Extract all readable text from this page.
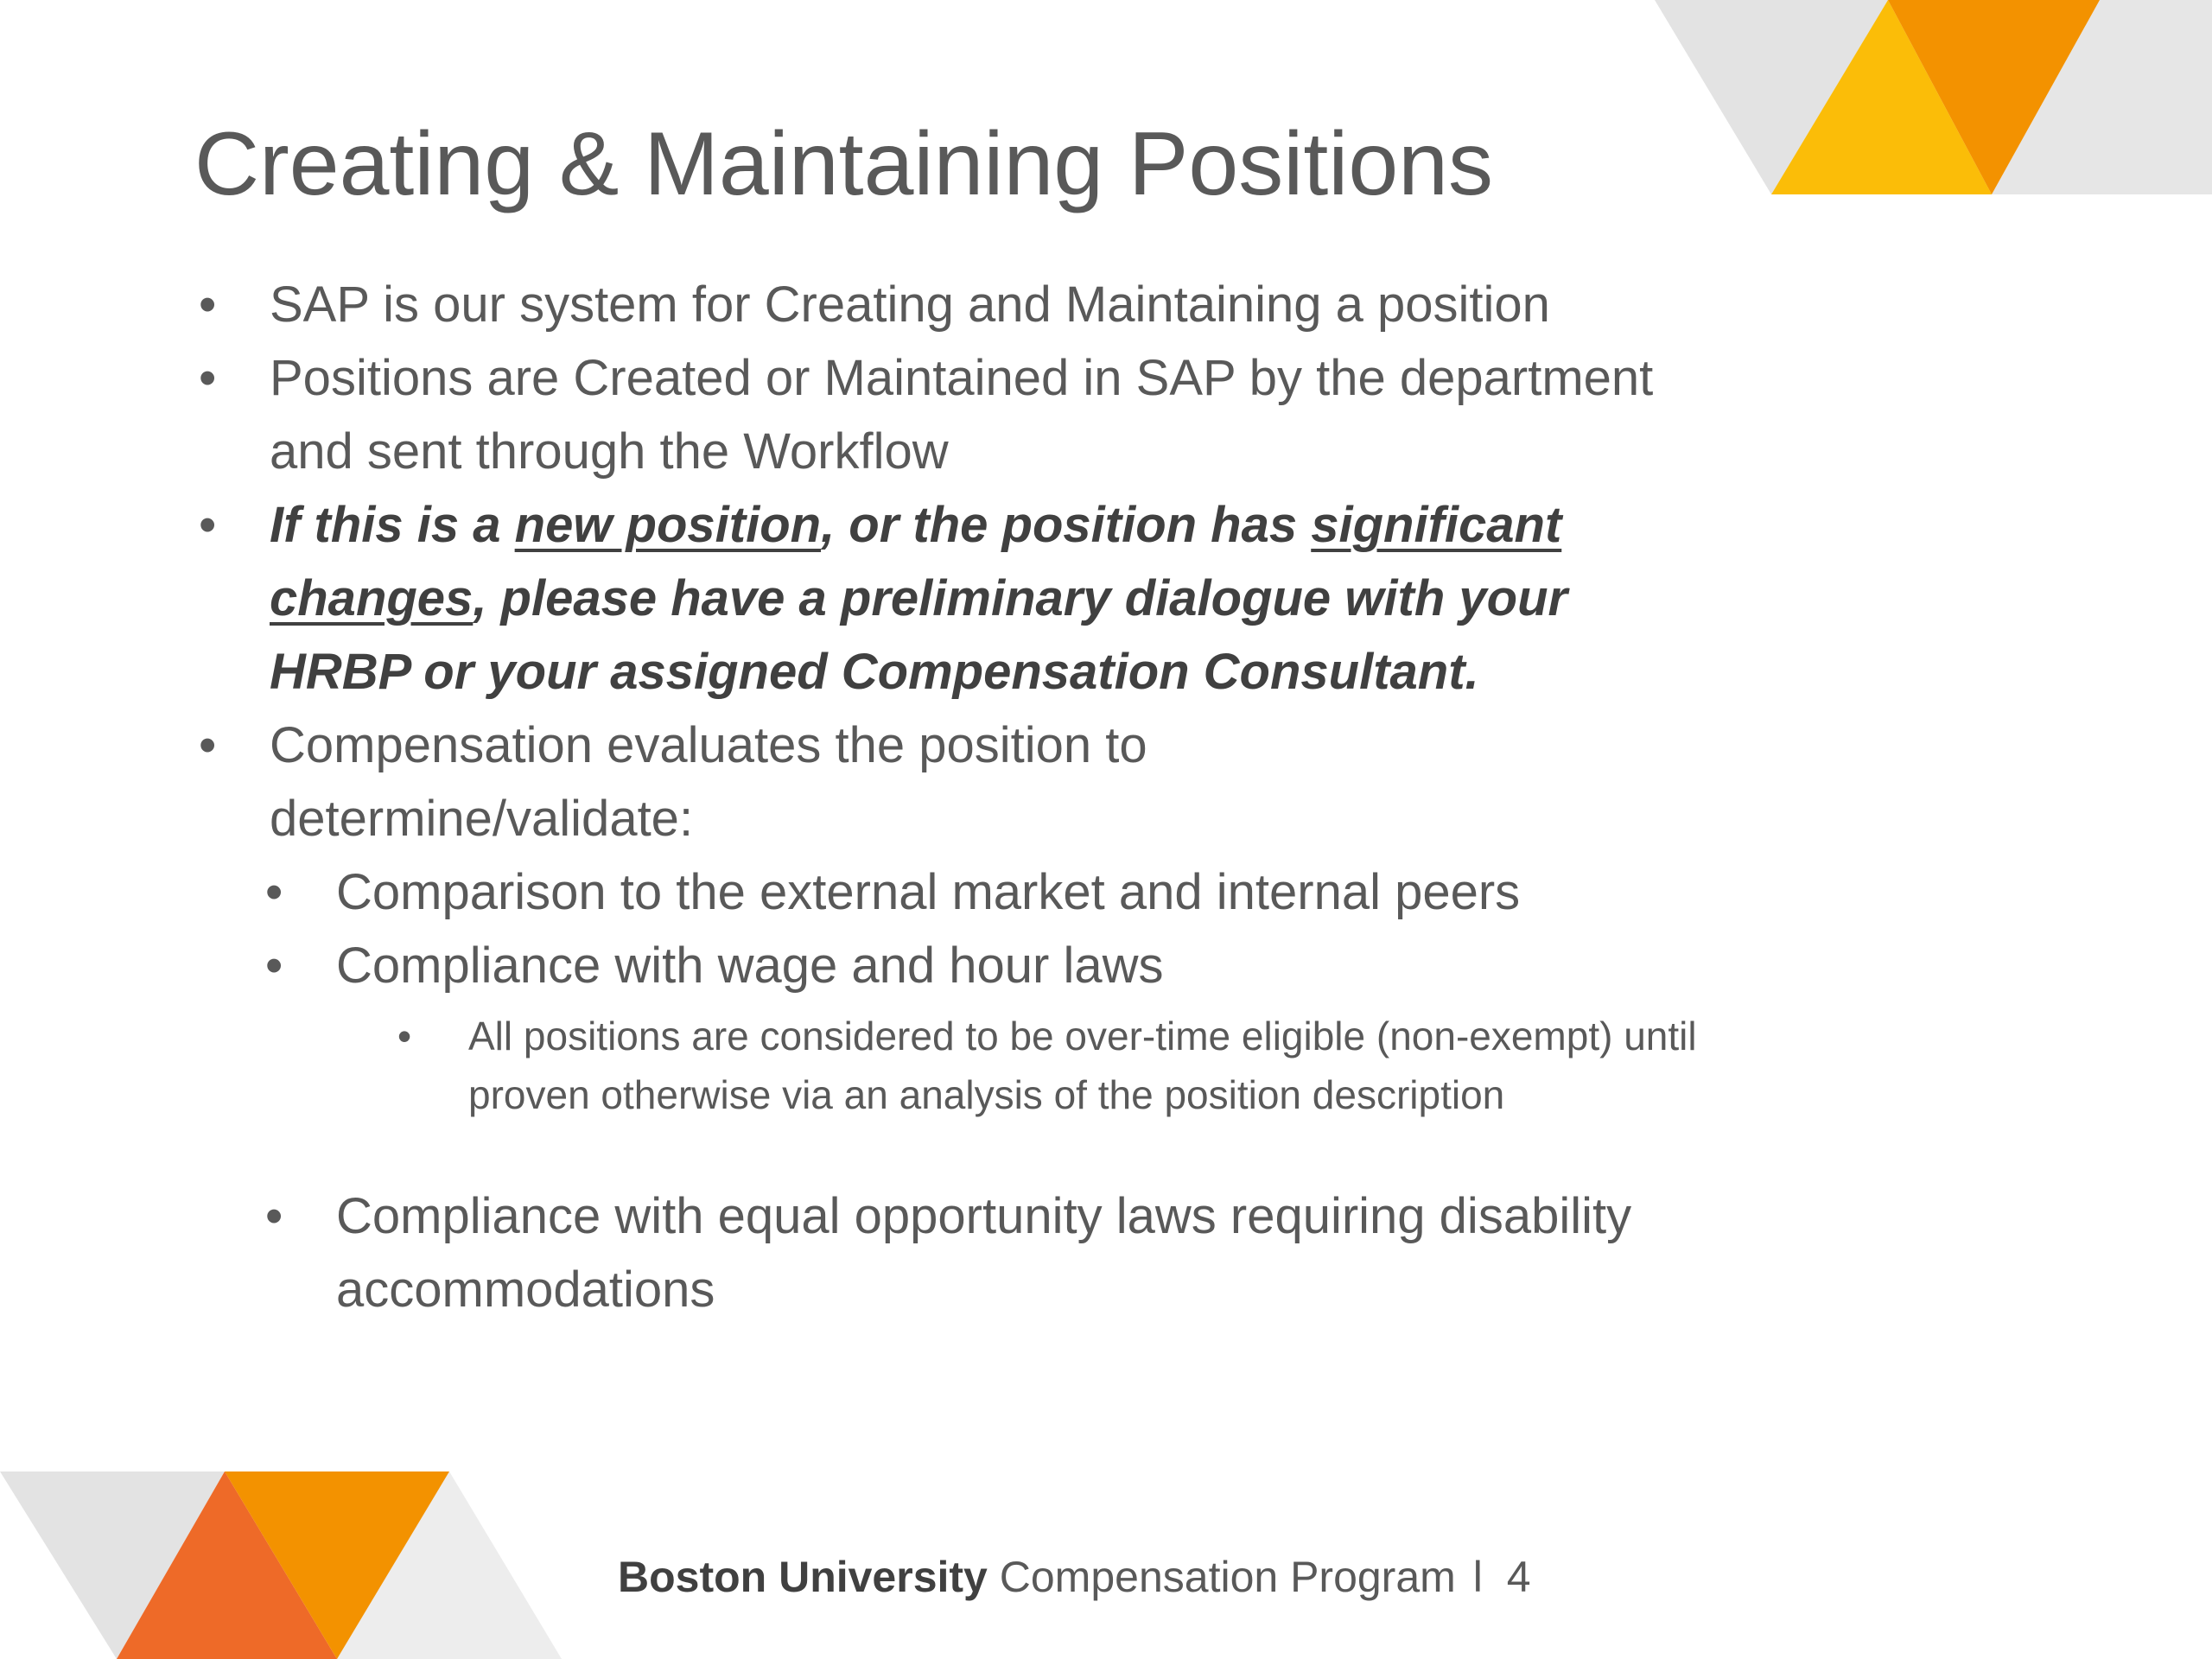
Creating & Maintaining Positions
• SAP is our system for Creating and Maintaining a position
• Positions are Created or Maintained in SAP by the department and sent through the Workflow
• If this is a new position, or the position has significant changes, please have a preliminary dialogue with your HRBP or your assigned Compensation Consultant.
• Compensation evaluates the position to determine/validate:
• Comparison to the external market and internal peers
• Compliance with wage and hour laws
• All positions are considered to be over-time eligible (non-exempt) until proven otherwise via an analysis of the position description
• Compliance with equal opportunity laws requiring disability accommodations
Boston University Compensation Program l 4
